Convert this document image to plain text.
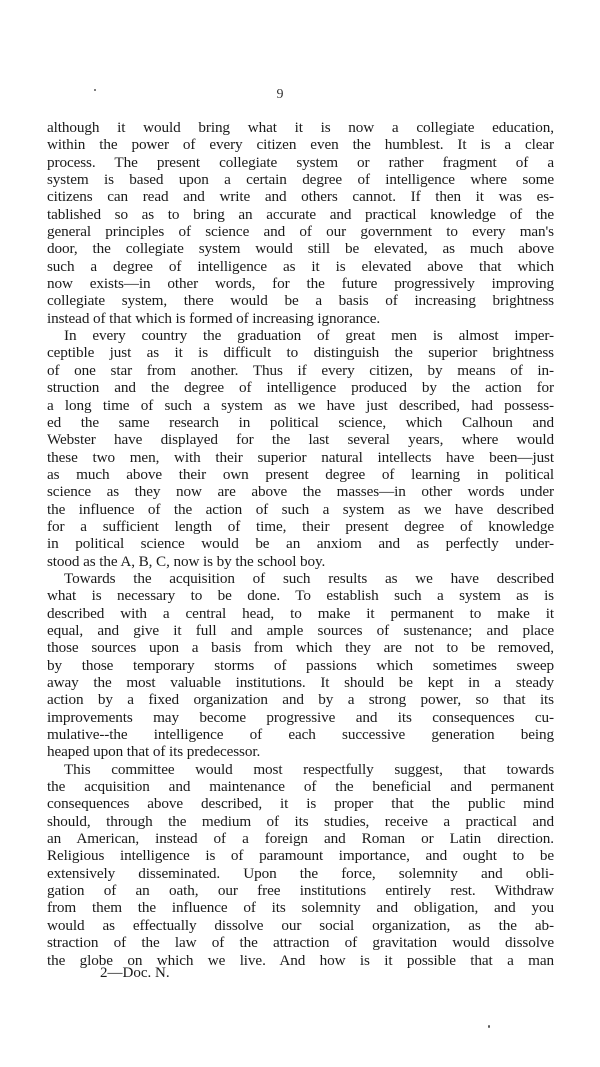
9
although it would bring what it is now a collegiate education,
within the power of every citizen even the humblest. It is a clear
process. The present collegiate system or rather fragment of a
system is based upon a certain degree of intelligence where some
citizens can read and write and others cannot. If then it was es-
tablished so as to bring an accurate and practical knowledge of the
general principles of science and of our government to every man's
door, the collegiate system would still be elevated, as much above
such a degree of intelligence as it is elevated above that which
now exists—in other words, for the future progressively improving
collegiate system, there would be a basis of increasing brightness
instead of that which is formed of increasing ignorance.
In every country the graduation of great men is almost imper-
ceptible just as it is difficult to distinguish the superior brightness
of one star from another. Thus if every citizen, by means of in-
struction and the degree of intelligence produced by the action for
a long time of such a system as we have just described, had possess-
ed the same research in political science, which Calhoun and
Webster have displayed for the last several years, where would
these two men, with their superior natural intellects have been—just
as much above their own present degree of learning in political
science as they now are above the masses—in other words under
the influence of the action of such a system as we have described
for a sufficient length of time, their present degree of knowledge
in political science would be an anxiom and as perfectly under-
stood as the A, B, C, now is by the school boy.
Towards the acquisition of such results as we have described
what is necessary to be done. To establish such a system as is
described with a central head, to make it permanent to make it
equal, and give it full and ample sources of sustenance; and place
those sources upon a basis from which they are not to be removed,
by those temporary storms of passions which sometimes sweep
away the most valuable institutions. It should be kept in a steady
action by a fixed organization and by a strong power, so that its
improvements may become progressive and its consequences cu-
mulative--the intelligence of each successive generation being
heaped upon that of its predecessor.
This committee would most respectfully suggest, that towards
the acquisition and maintenance of the beneficial and permanent
consequences above described, it is proper that the public mind
should, through the medium of its studies, receive a practical and
an American, instead of a foreign and Roman or Latin direction.
Religious intelligence is of paramount importance, and ought to be
extensively disseminated. Upon the force, solemnity and obli-
gation of an oath, our free institutions entirely rest. Withdraw
from them the influence of its solemnity and obligation, and you
would as effectually dissolve our social organization, as the ab-
straction of the law of the attraction of gravitation would dissolve
the globe on which we live. And how is it possible that a man
2—Doc. N.
